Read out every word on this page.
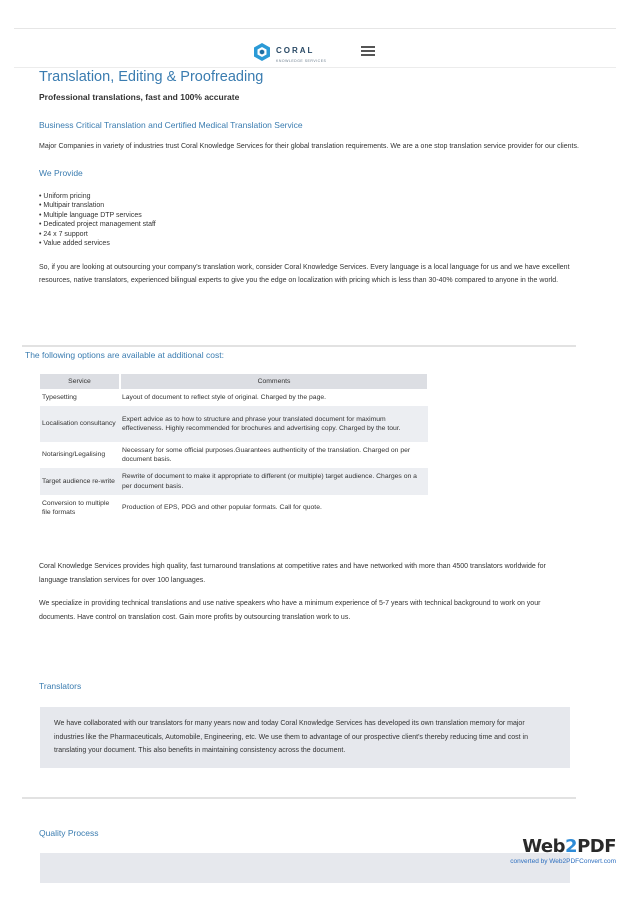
CORAL
KNOWLEDGE SERVICES
Translation, Editing & Proofreading
Professional translations, fast and 100% accurate
Business Critical Translation and Certified Medical Translation Service

Major Companies in variety of industries trust Coral Knowledge Services for their global translation requirements. We are a one stop translation service provider for our clients.

We Provide
• Uniform pricing
• Multipair translation
• Multiple language DTP services
• Dedicated project management staff
• 24 x 7 support
• Value added services

So, if you are looking at outsourcing your company's translation work, consider Coral Knowledge Services. Every language is a local language for us and we have excellent resources, native translators, experienced bilingual experts to give you the edge on localization with pricing which is less than 30-40% compared to anyone in the world.

The following options are available at additional cost:
Service	Comments
Typesetting	Layout of document to reflect style of original. Charged by the page.
Localisation consultancy	Expert advice as to how to structure and phrase your translated document for maximum effectiveness. Highly recommended for brochures and advertising copy. Charged by the tour.
Notarising/Legalising	Necessary for some official purposes.Guarantees authenticity of the translation. Charged on per document basis.
Target audience re-write	Rewrite of document to make it appropriate to different (or multiple) target audience. Charges on a per document basis.
Conversion to multiple file formats	Production of EPS, PDG and other popular formats. Call for quote.

Coral Knowledge Services provides high quality, fast turnaround translations at competitive rates and have networked with more than 4500 translators worldwide for language translation services for over 100 languages.

We specialize in providing technical translations and use native speakers who have a minimum experience of 5-7 years with technical background to work on your documents. Have control on translation cost. Gain more profits by outsourcing translation work to us.

Translators

We have collaborated with our translators for many years now and today Coral Knowledge Services has developed its own translation memory for major industries like the Pharmaceuticals, Automobile, Engineering, etc. We use them to advantage of our prospective client's thereby reducing time and cost in translating your document. This also benefits in maintaining consistency across the document.

Quality Process
Web2PDF
converted by Web2PDFConvert.com
